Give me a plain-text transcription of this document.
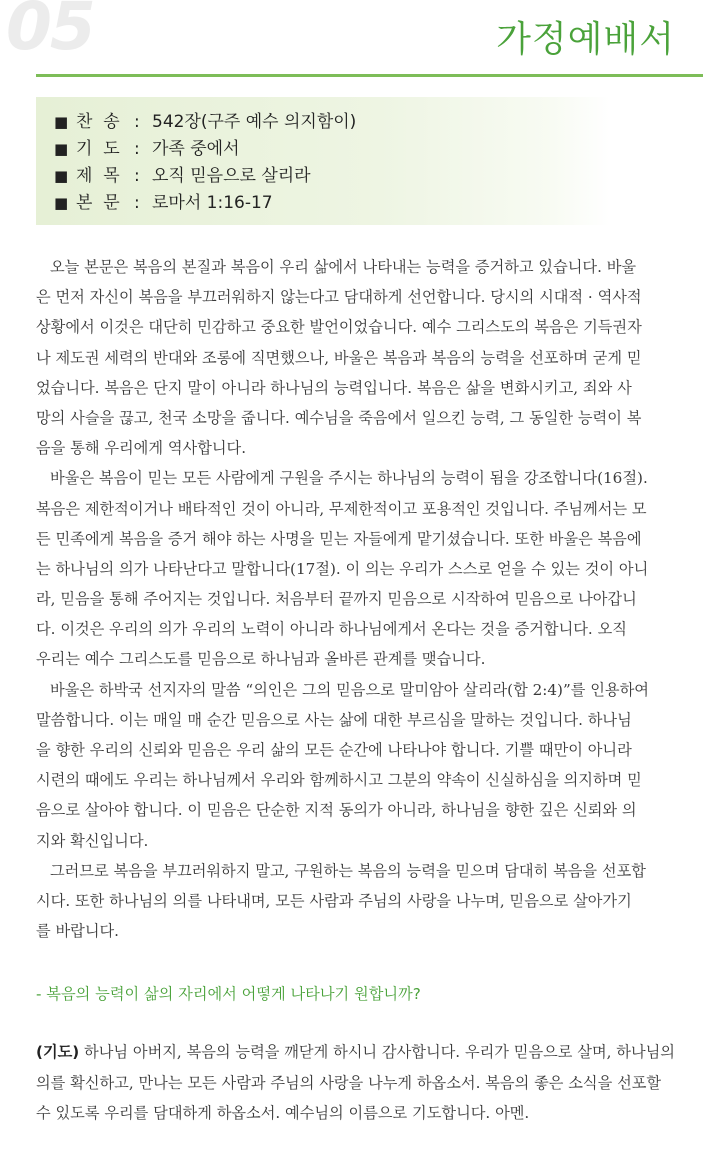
05	가정예배서
■ 찬  송 : 542장(구주 예수 의지함이)
■ 기  도 : 가족 중에서
■ 제  목 : 오직 믿음으로 살리라
■ 본  문 : 로마서 1:16-17
오늘 본문은 복음의 본질과 복음이 우리 삶에서 나타내는 능력을 증거하고 있습니다. 바울
은 먼저 자신이 복음을 부끄러워하지 않는다고 담대하게 선언합니다. 당시의 시대적 · 역사적
상황에서 이것은 대단히 민감하고 중요한 발언이었습니다. 예수 그리스도의 복음은 기득권자
나 제도권 세력의 반대와 조롱에 직면했으나, 바울은 복음과 복음의 능력을 선포하며 굳게 믿
었습니다. 복음은 단지 말이 아니라 하나님의 능력입니다. 복음은 삶을 변화시키고, 죄와 사
망의 사슬을 끊고, 천국 소망을 줍니다. 예수님을 죽음에서 일으킨 능력, 그 동일한 능력이 복
음을 통해 우리에게 역사합니다.
바울은 복음이 믿는 모든 사람에게 구원을 주시는 하나님의 능력이 됨을 강조합니다(16절).
복음은 제한적이거나 배타적인 것이 아니라, 무제한적이고 포용적인 것입니다. 주님께서는 모
든 민족에게 복음을 증거 해야 하는 사명을 믿는 자들에게 맡기셨습니다. 또한 바울은 복음에
는 하나님의 의가 나타난다고 말합니다(17절). 이 의는 우리가 스스로 얻을 수 있는 것이 아니
라, 믿음을 통해 주어지는 것입니다. 처음부터 끝까지 믿음으로 시작하여 믿음으로 나아갑니
다. 이것은 우리의 의가 우리의 노력이 아니라 하나님에게서 온다는 것을 증거합니다. 오직
우리는 예수 그리스도를 믿음으로 하나님과 올바른 관계를 맺습니다.
바울은 하박국 선지자의 말씀 “의인은 그의 믿음으로 말미암아 살리라(합 2:4)”를 인용하여
말씀합니다. 이는 매일 매 순간 믿음으로 사는 삶에 대한 부르심을 말하는 것입니다. 하나님
을 향한 우리의 신뢰와 믿음은 우리 삶의 모든 순간에 나타나야 합니다. 기쁠 때만이 아니라
시련의 때에도 우리는 하나님께서 우리와 함께하시고 그분의 약속이 신실하심을 의지하며 믿
음으로 살아야 합니다. 이 믿음은 단순한 지적 동의가 아니라, 하나님을 향한 깊은 신뢰와 의
지와 확신입니다.
그러므로 복음을 부끄러워하지 말고, 구원하는 복음의 능력을 믿으며 담대히 복음을 선포합
시다. 또한 하나님의 의를 나타내며, 모든 사람과 주님의 사랑을 나누며, 믿음으로 살아가기
를 바랍니다.
- 복음의 능력이 삶의 자리에서 어떻게 나타나기 원합니까?
(기도) 하나님 아버지, 복음의 능력을 깨닫게 하시니 감사합니다. 우리가 믿음으로 살며, 하나님의 의를 확신하고, 만나는 모든 사람과 주님의 사랑을 나누게 하옵소서. 복음의 좋은 소식을 선포할 수 있도록 우리를 담대하게 하옵소서. 예수님의 이름으로 기도합니다. 아멘.
